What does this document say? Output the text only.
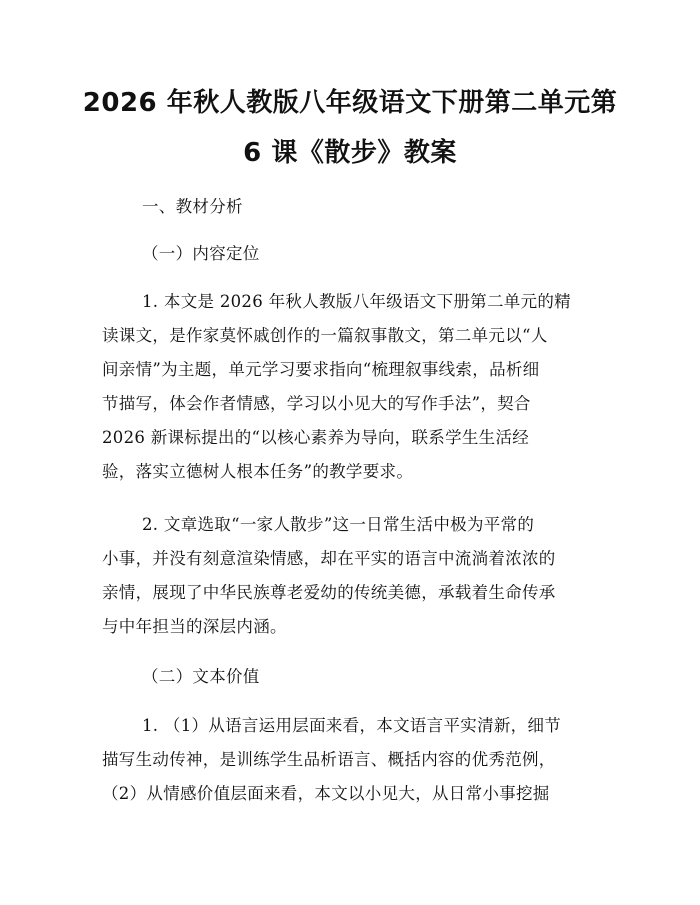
2026 年秋人教版八年级语文下册第二单元第
6 课《散步》教案
一、教材分析
（一）内容定位
1. 本文是 2026 年秋人教版八年级语文下册第二单元的精
读课文，是作家莫怀戚创作的一篇叙事散文，第二单元以“人
间亲情”为主题，单元学习要求指向“梳理叙事线索，品析细
节描写，体会作者情感，学习以小见大的写作手法”，契合
2026 新课标提出的“以核心素养为导向，联系学生生活经
验，落实立德树人根本任务”的教学要求。
2. 文章选取“一家人散步”这一日常生活中极为平常的
小事，并没有刻意渲染情感，却在平实的语言中流淌着浓浓的
亲情，展现了中华民族尊老爱幼的传统美德，承载着生命传承
与中年担当的深层内涵。
（二）文本价值
1. （1）从语言运用层面来看，本文语言平实清新，细节
描写生动传神，是训练学生品析语言、概括内容的优秀范例，
（2）从情感价值层面来看，本文以小见大，从日常小事挖掘
